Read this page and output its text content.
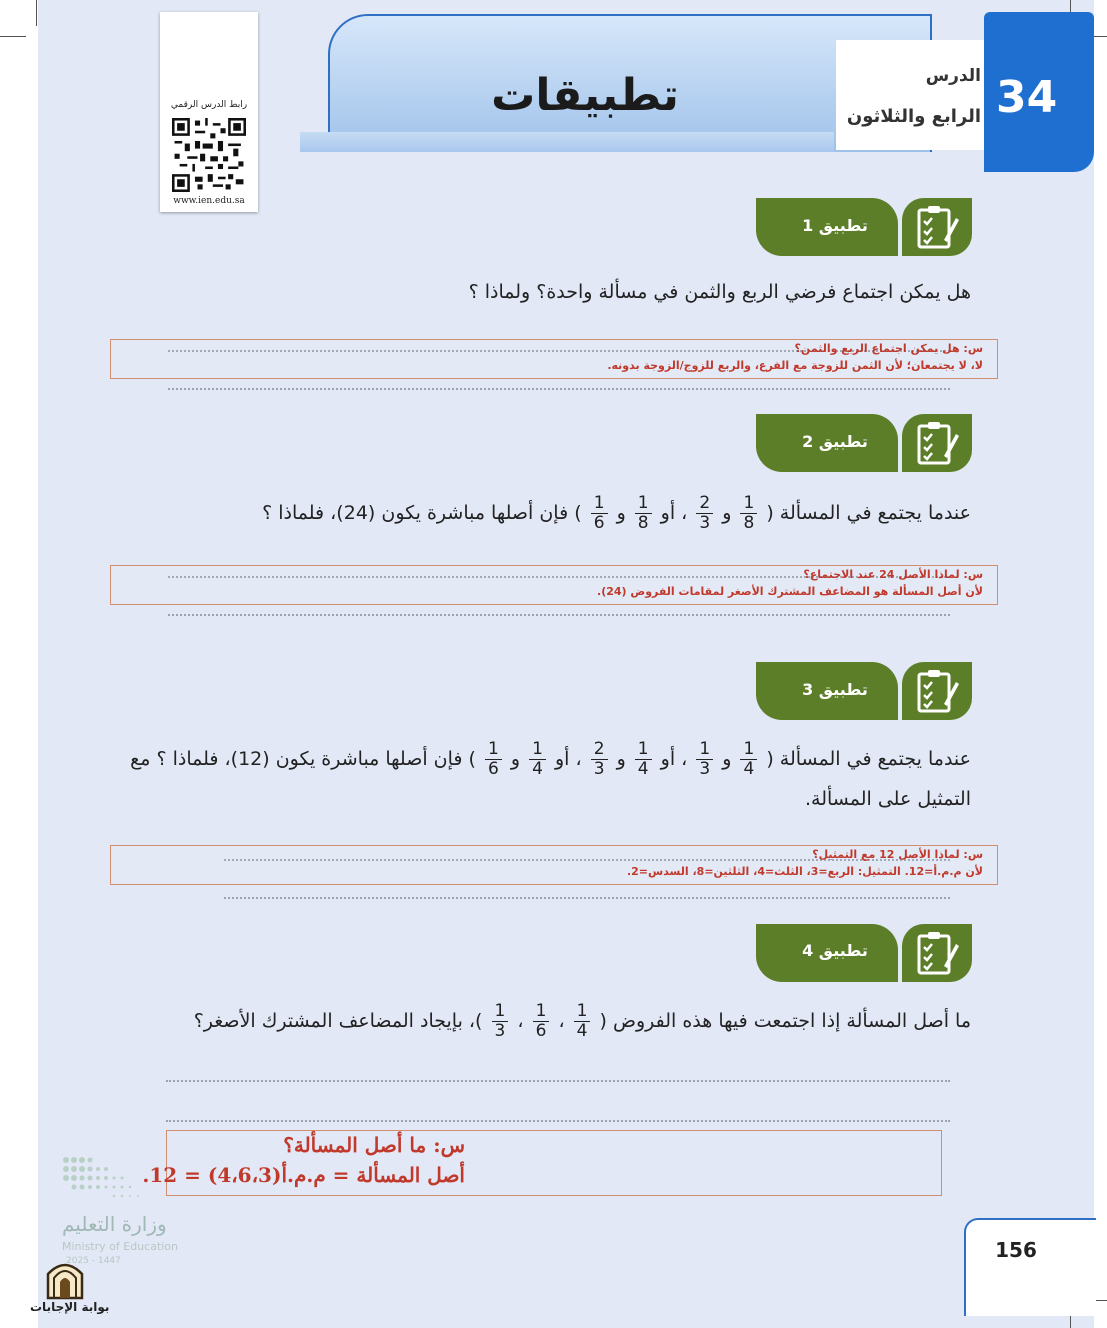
تطبيقات	الدرس
الرابع والثلاثون 34
رابط الدرس الرقمي
www.ien.edu.sa
تطبيق 1
هل يمكن اجتماع فرضي الربع والثمن في مسألة واحدة؟ ولماذا ؟
س: هل يمكن اجتماع الربع والثمن؟
لا، لا يجتمعان؛ لأن الثمن للزوجة مع الفرع، والربع للزوج/الزوجة بدونه.
تطبيق 2
عندما يجتمع في المسألة (
$\frac{1}{8}$
و
$\frac{2}{3}$
، أو
$\frac{1}{8}$
و
$\frac{1}{6}$
) فإن أصلها مباشرة يكون (24)، فلماذا ؟
س: لماذا الأصل 24 عند الاجتماع؟
لأن أصل المسألة هو المضاعف المشترك الأصغر لمقامات الفروض (24).
تطبيق 3
عندما يجتمع في المسألة (
$\frac{1}{4}$
و
$\frac{1}{3}$
، أو
$\frac{1}{4}$
و
$\frac{2}{3}$
، أو
$\frac{1}{4}$
و
$\frac{1}{6}$
) فإن أصلها مباشرة يكون (12)، فلماذا ؟ مع
التمثيل على المسألة.
س: لماذا الأصل 12 مع التمثيل؟
لأن م.م.أ=12. التمثيل: الربع=3، الثلث=4، الثلثين=8، السدس=2.
تطبيق 4
ما أصل المسألة إذا اجتمعت فيها هذه الفروض (
$\frac{1}{4}$
،
$\frac{1}{6}$
،
$\frac{1}{3}$
)، بإيجاد المضاعف المشترك الأصغر؟
س: ما أصل المسألة؟
أصل المسألة = م.م.أ(4،6،3) = 12.
156
وزارة التعليم
Ministry of Education
2025 - 1447
بوابة الإجابات
